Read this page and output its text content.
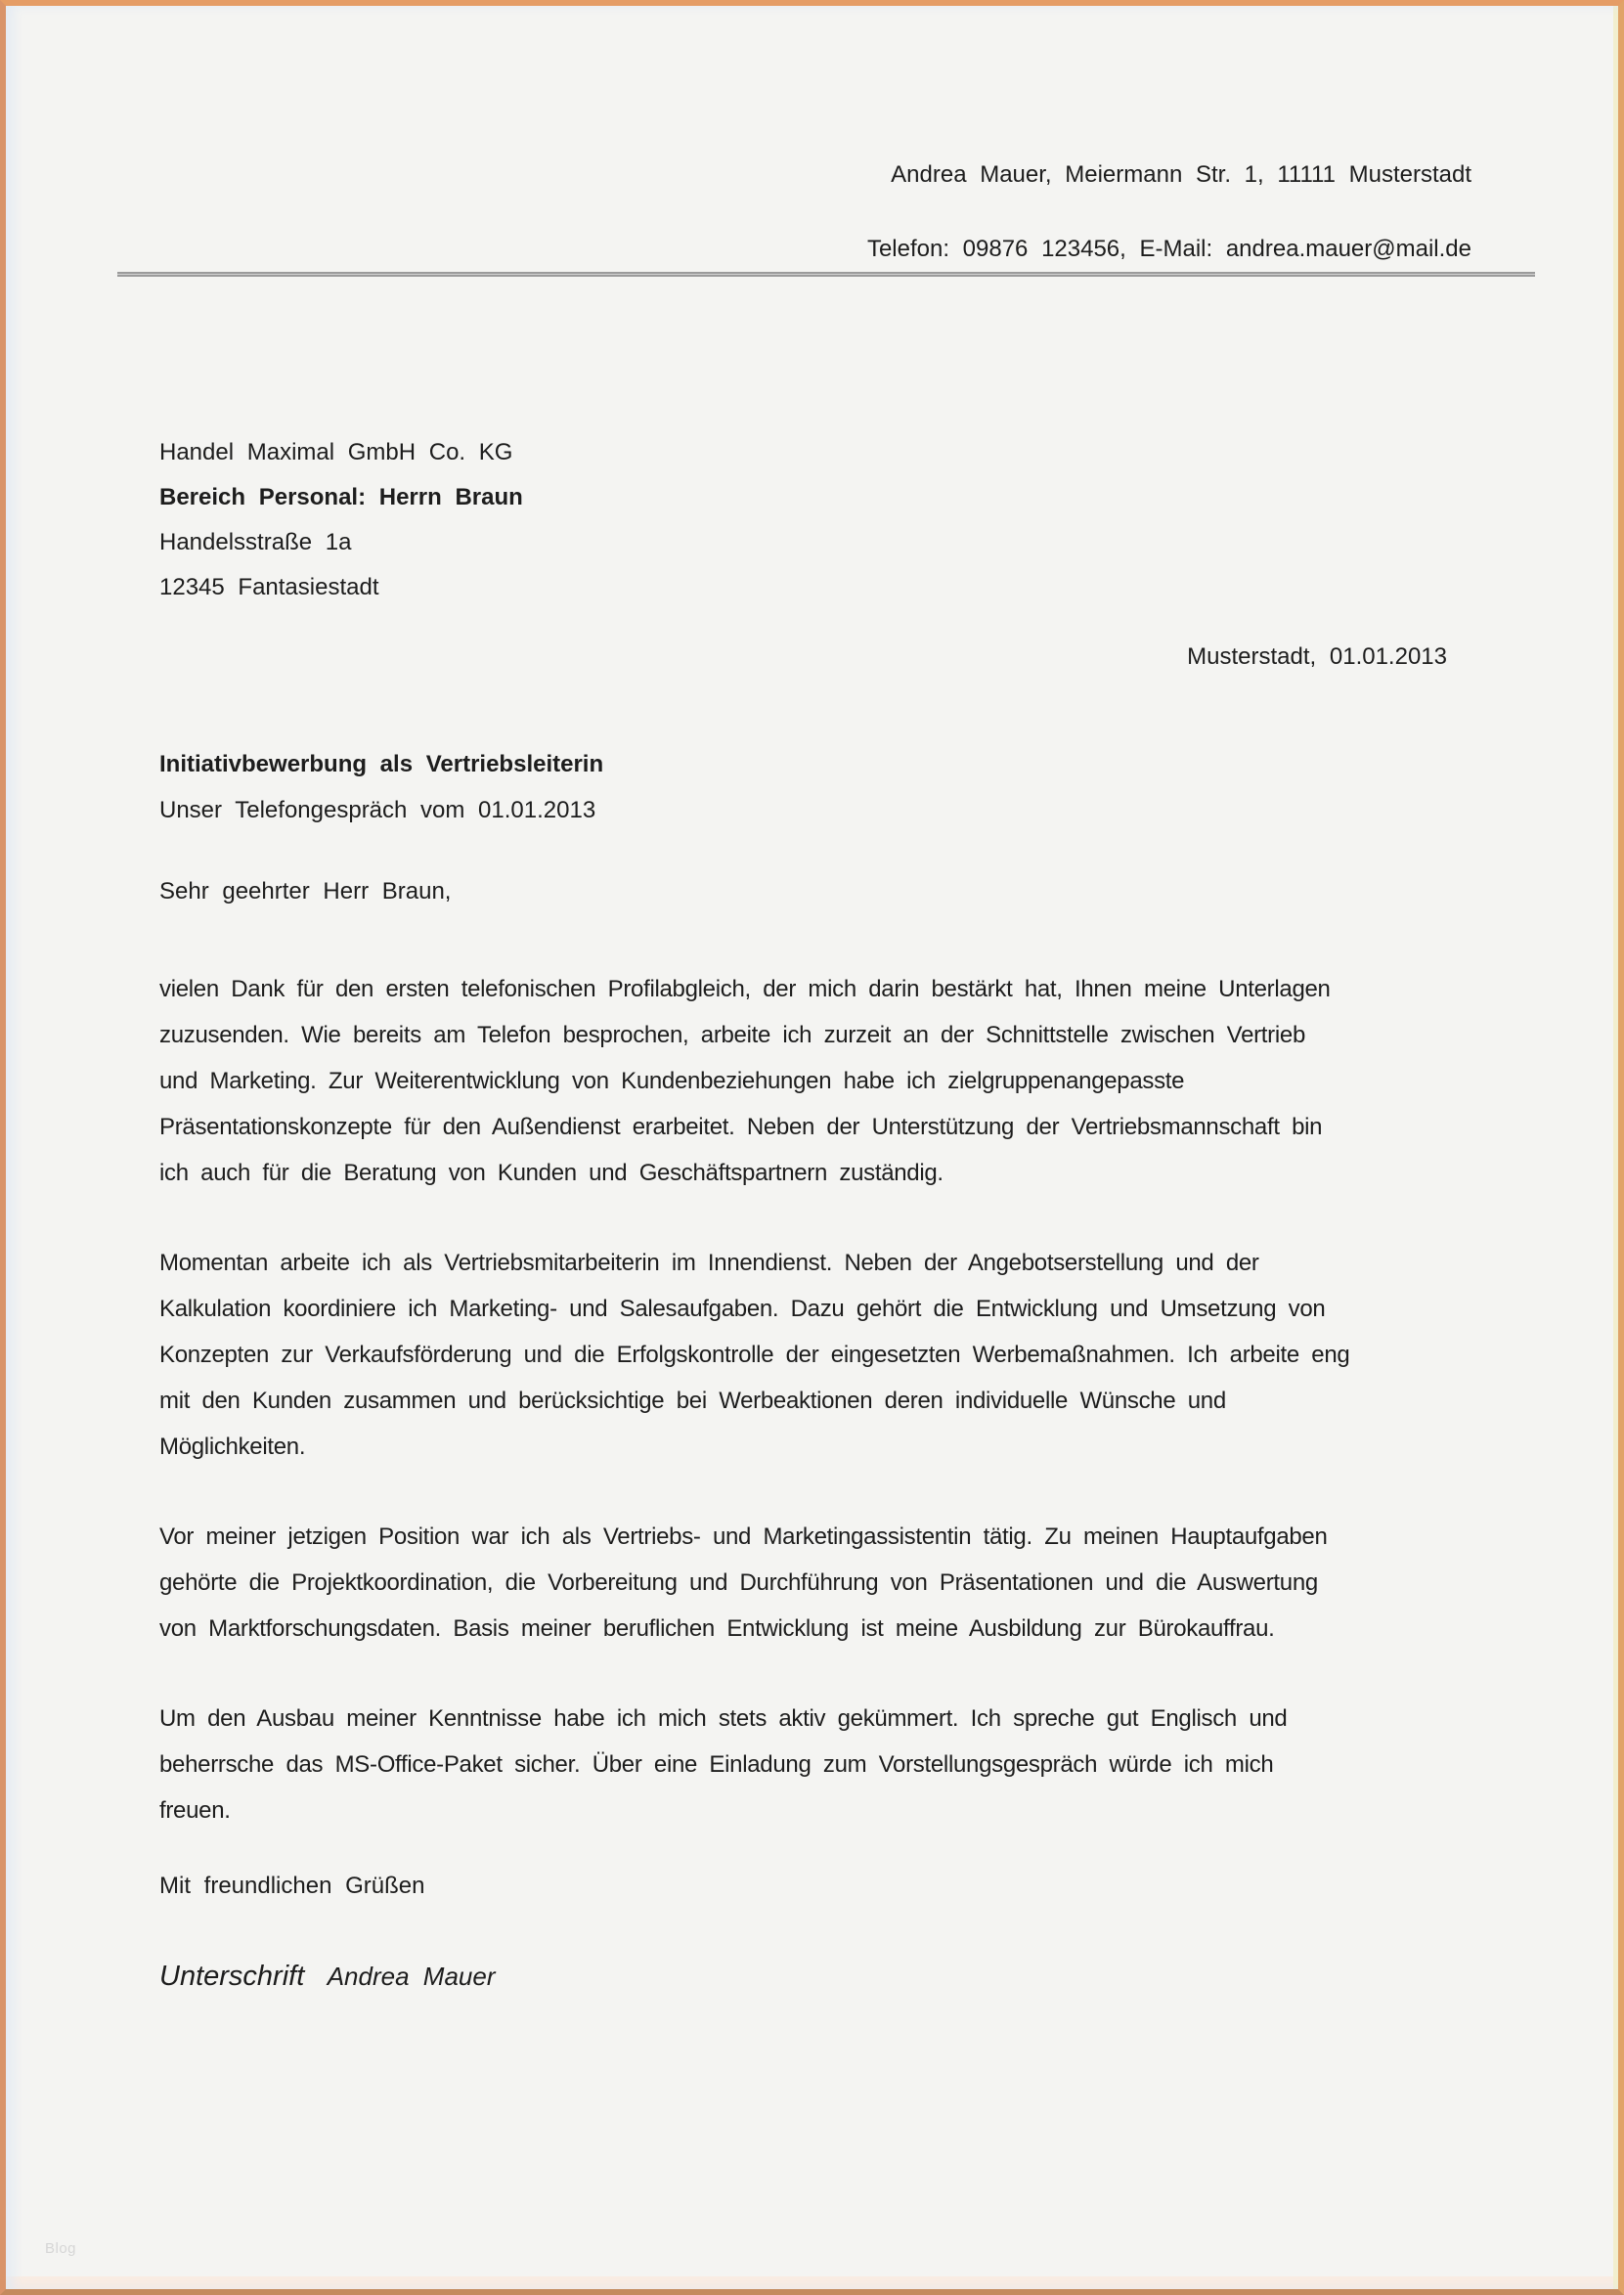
Andrea Mauer, Meiermann Str. 1, 11111 Musterstadt
Telefon: 09876 123456, E-Mail: andrea.mauer@mail.de
Handel Maximal GmbH Co. KG
Bereich Personal: Herrn Braun
Handelsstraße 1a
12345 Fantasiestadt
Musterstadt, 01.01.2013
Initiativbewerbung als Vertriebsleiterin
Unser Telefongespräch vom 01.01.2013
Sehr geehrter Herr Braun,
vielen Dank für den ersten telefonischen Profilabgleich, der mich darin bestärkt hat, Ihnen meine Unterlagen
zuzusenden. Wie bereits am Telefon besprochen, arbeite ich zurzeit an der Schnittstelle zwischen Vertrieb
und Marketing. Zur Weiterentwicklung von Kundenbeziehungen habe ich zielgruppenangepasste
Präsentationskonzepte für den Außendienst erarbeitet. Neben der Unterstützung der Vertriebsmannschaft bin
ich auch für die Beratung von Kunden und Geschäftspartnern zuständig.
Momentan arbeite ich als Vertriebsmitarbeiterin im Innendienst. Neben der Angebotserstellung und der
Kalkulation koordiniere ich Marketing- und Salesaufgaben. Dazu gehört die Entwicklung und Umsetzung von
Konzepten zur Verkaufsförderung und die Erfolgskontrolle der eingesetzten Werbemaßnahmen. Ich arbeite eng
mit den Kunden zusammen und berücksichtige bei Werbeaktionen deren individuelle Wünsche und
Möglichkeiten.
Vor meiner jetzigen Position war ich als Vertriebs- und Marketingassistentin tätig. Zu meinen Hauptaufgaben
gehörte die Projektkoordination, die Vorbereitung und Durchführung von Präsentationen und die Auswertung
von Marktforschungsdaten. Basis meiner beruflichen Entwicklung ist meine Ausbildung zur Bürokauffrau.
Um den Ausbau meiner Kenntnisse habe ich mich stets aktiv gekümmert. Ich spreche gut Englisch und
beherrsche das MS-Office-Paket sicher. Über eine Einladung zum Vorstellungsgespräch würde ich mich
freuen.
Mit freundlichen Grüßen
Unterschrift Andrea Mauer
Blog
